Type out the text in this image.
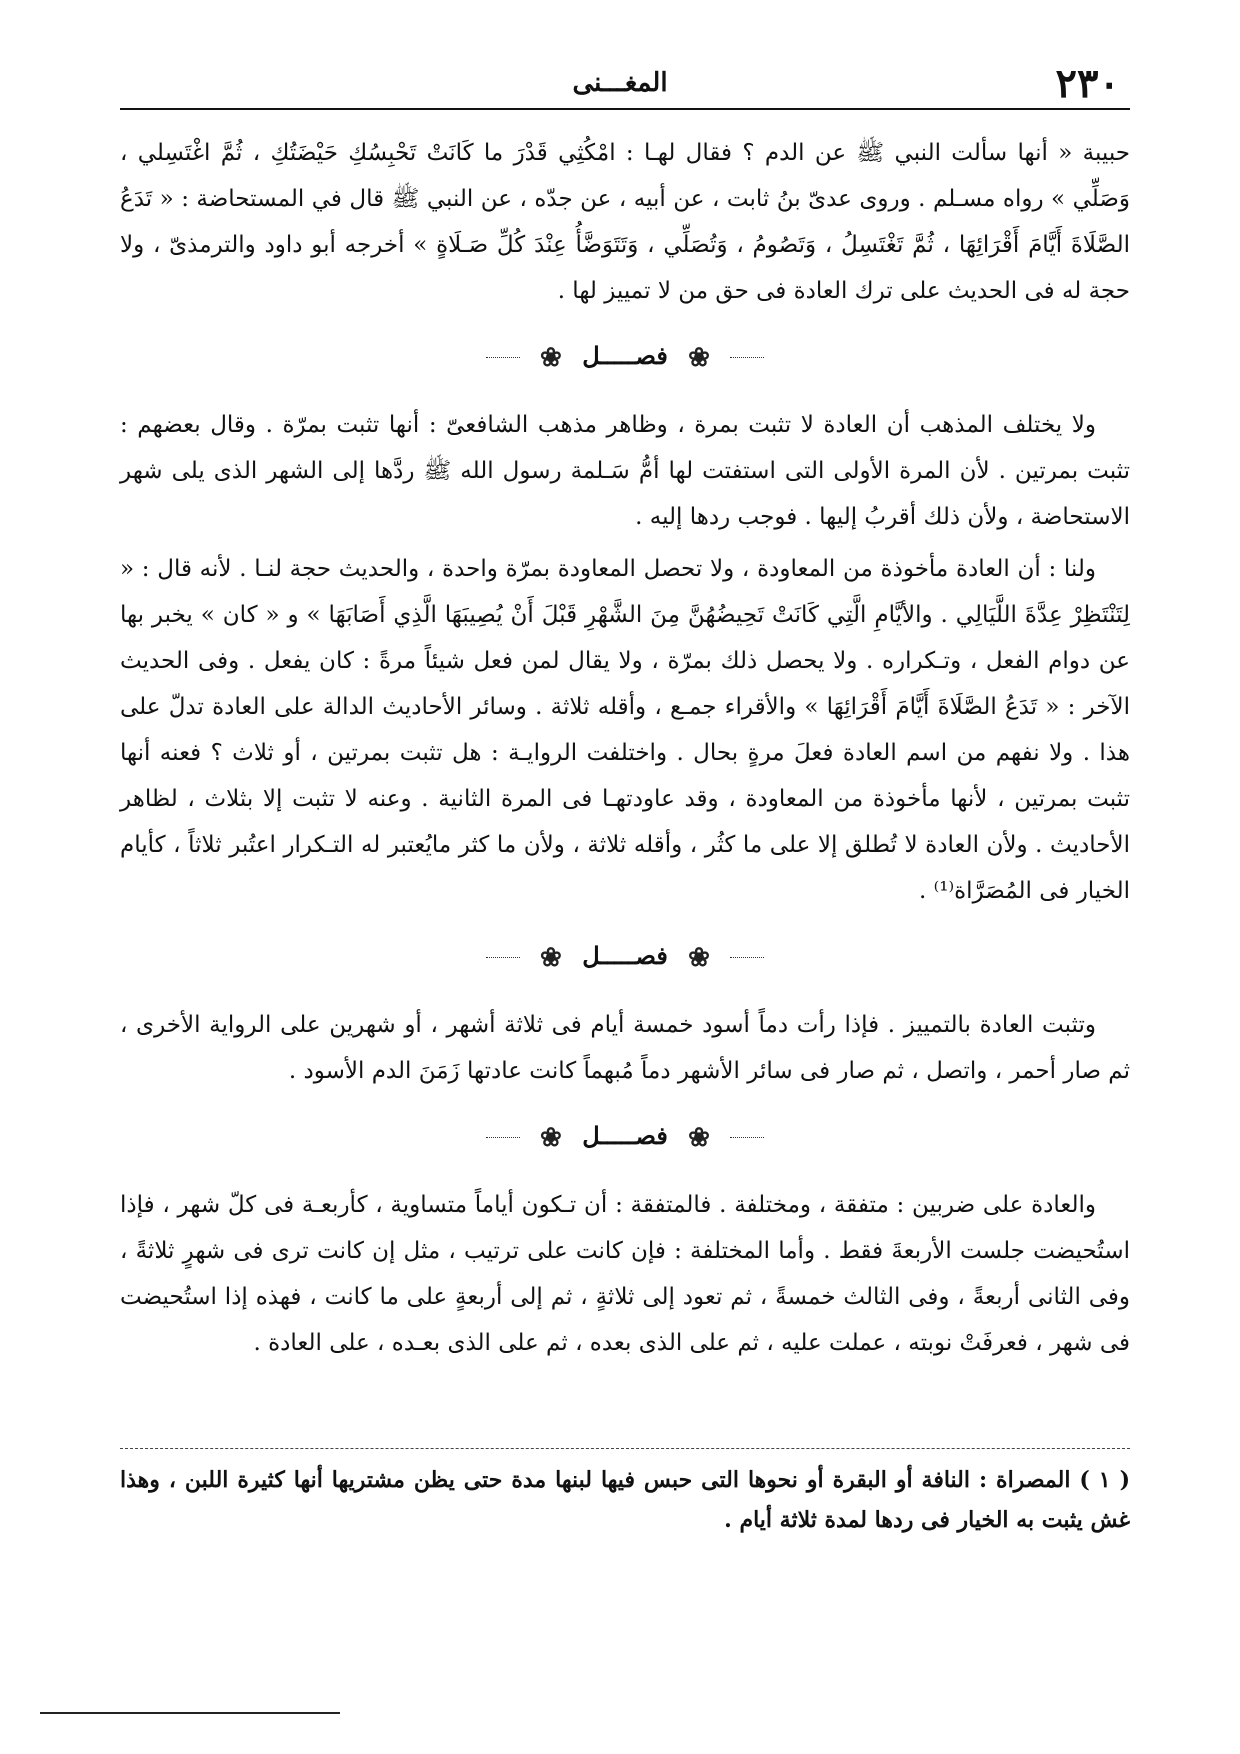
٢٣٠
المغـــنى

حبيبة « أنها سألت النبي ﷺ عن الدم ؟ فقال لهـا : امْكُثِي قَدْرَ ما كَانَتْ تَحْبِسُكِ حَيْضَتُكِ ، ثُمَّ اغْتَسِلي ، وَصَلِّي » رواه مسـلم . وروى عدىّ بنُ ثابت ، عن أبيه ، عن جدّه ، عن النبي ﷺ قال في المستحاضة : « تَدَعُ الصَّلَاةَ أَيَّامَ أَقْرَائِهَا ، ثُمَّ تَغْتَسِلُ ، وَتَصُومُ ، وَتُصَلِّي ، وَتَتَوَضَّأُ عِنْدَ كُلِّ صَـلَاةٍ » أخرجه أبو داود والترمذىّ ، ولا حجة له فى الحديث على ترك العادة فى حق من لا تمييز لها .

❀ فصـــــل ❀

ولا يختلف المذهب أن العادة لا تثبت بمرة ، وظاهر مذهب الشافعىّ : أنها تثبت بمرّة . وقال بعضهم : تثبت بمرتين . لأن المرة الأولى التى استفتت لها أمُّ سَـلمة رسول الله ﷺ ردَّها إلى الشهر الذى يلى شهر الاستحاضة ، ولأن ذلك أقربُ إليها . فوجب ردها إليه .

ولنا : أن العادة مأخوذة من المعاودة ، ولا تحصل المعاودة بمرّة واحدة ، والحديث حجة لنـا . لأنه قال : « لِتَنْتَظِرْ عِدَّةَ اللَّيَالِي . والأيَّامِ الَّتِي كَانَتْ تَحِيضُهُنَّ مِنَ الشَّهْرِ قَبْلَ أَنْ يُصِيبَهَا الَّذِي أَصَابَهَا » و « كان » يخبر بها عن دوام الفعل ، وتـكراره . ولا يحصل ذلك بمرّة ، ولا يقال لمن فعل شيئاً مرةً : كان يفعل . وفى الحديث الآخر : « تَدَعُ الصَّلَاةَ أَيَّامَ أَقْرَائِهَا » والأقراء جمـع ، وأقله ثلاثة . وسائر الأحاديث الدالة على العادة تدلّ على هذا . ولا نفهم من اسم العادة فعلَ مرةٍ بحال . واختلفت الروايـة : هل تثبت بمرتين ، أو ثلاث ؟ فعنه أنها تثبت بمرتين ، لأنها مأخوذة من المعاودة ، وقد عاودتهـا فى المرة الثانية . وعنه لا تثبت إلا بثلاث ، لظاهر الأحاديث . ولأن العادة لا تُطلق إلا على ما كثُر ، وأقله ثلاثة ، ولأن ما كثر مايُعتبر له التـكرار اعتُبر ثلاثاً ، كأيام الخيار فى المُصَرَّاة⁽¹⁾ .

❀ فصـــــل ❀

وتثبت العادة بالتمييز . فإذا رأت دماً أسود خمسة أيام فى ثلاثة أشهر ، أو شهرين على الرواية الأخرى ، ثم صار أحمر ، واتصل ، ثم صار فى سائر الأشهر دماً مُبهماً كانت عادتها زَمَنَ الدم الأسود .

❀ فصـــــل ❀

والعادة على ضربين : متفقة ، ومختلفة . فالمتفقة : أن تـكون أياماً متساوية ، كأربعـة فى كلّ شهر ، فإذا استُحيضت جلست الأربعةَ فقط . وأما المختلفة : فإن كانت على ترتيب ، مثل إن كانت ترى فى شهرٍ ثلاثةً ، وفى الثانى أربعةً ، وفى الثالث خمسةً ، ثم تعود إلى ثلاثةٍ ، ثم إلى أربعةٍ على ما كانت ، فهذه إذا استُحيضت فى شهر ، فعرفَتْ نوبته ، عملت عليه ، ثم على الذى بعده ، ثم على الذى بعـده ، على العادة .

( ١ ) المصراة : النافة أو البقرة أو نحوها التى حبس فيها لبنها مدة حتى يظن مشتريها أنها كثيرة اللبن ، وهذا غش يثبت به الخيار فى ردها لمدة ثلاثة أيام .
